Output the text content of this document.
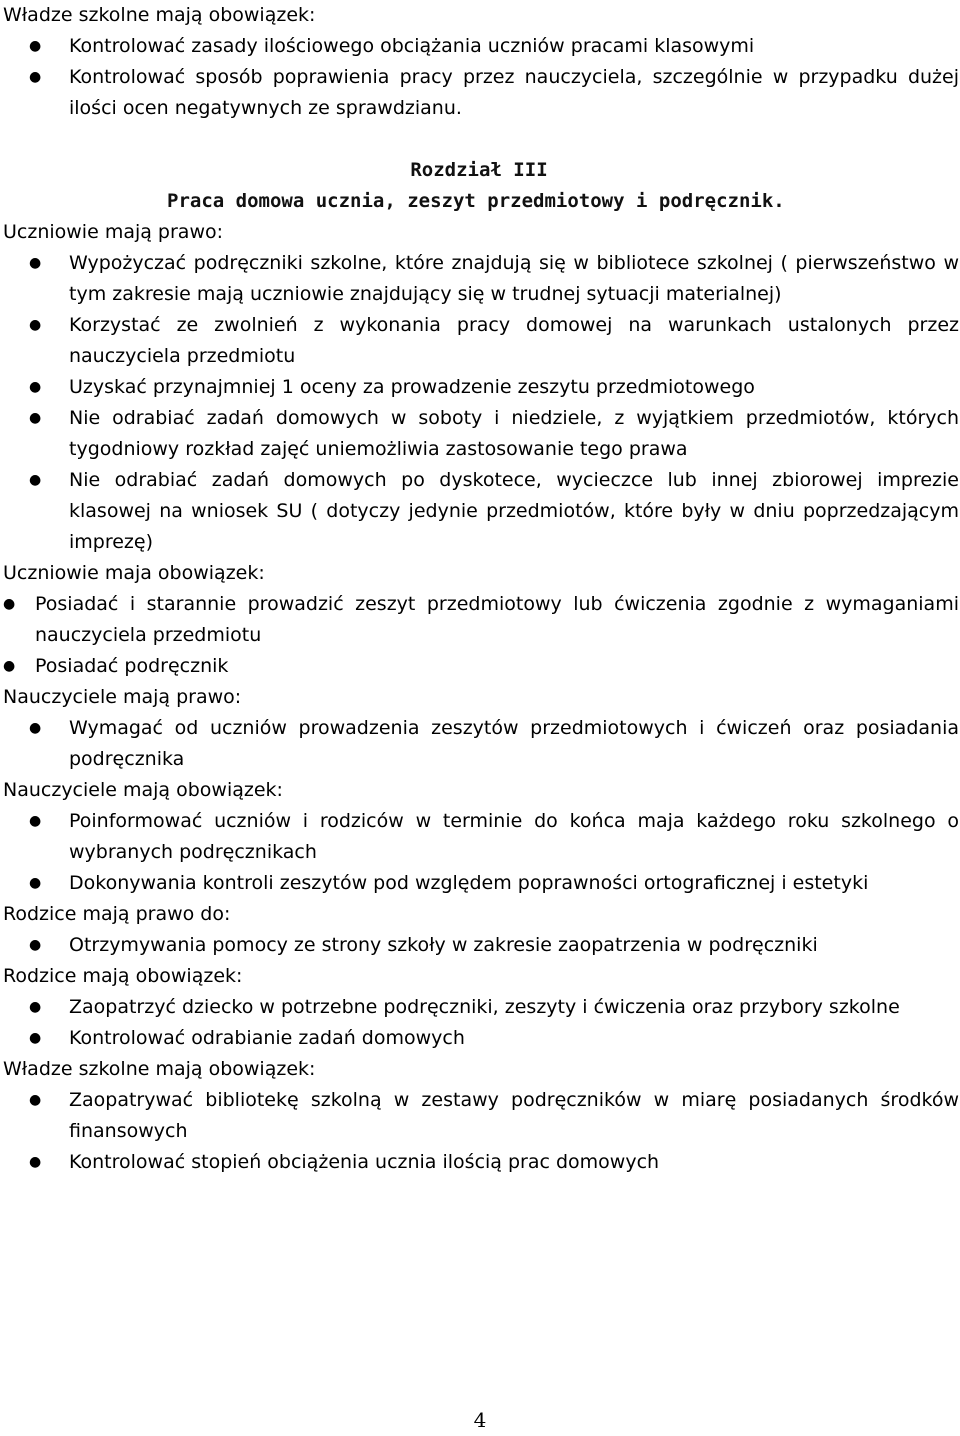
Władze szkolne mają obowiązek:
● Kontrolować zasady ilościowego obciążania uczniów pracami klasowymi
● Kontrolować sposób poprawienia pracy przez nauczyciela, szczególnie w przypadku dużej ilości ocen negatywnych ze sprawdzianu.
Rozdział III
Praca domowa ucznia, zeszyt przedmiotowy i podręcznik.
Uczniowie mają prawo:
● Wypożyczać podręczniki szkolne, które znajdują się w bibliotece szkolnej ( pierwszeństwo w tym zakresie mają uczniowie znajdujący się w trudnej sytuacji materialnej)
● Korzystać ze zwolnień z wykonania pracy domowej na warunkach ustalonych przez nauczyciela przedmiotu
● Uzyskać przynajmniej 1 oceny za prowadzenie zeszytu przedmiotowego
● Nie odrabiać zadań domowych w soboty i niedziele, z wyjątkiem przedmiotów, których tygodniowy rozkład zajęć uniemożliwia zastosowanie tego prawa
● Nie odrabiać zadań domowych po dyskotece, wycieczce lub innej zbiorowej imprezie klasowej na wniosek SU ( dotyczy jedynie przedmiotów, które były w dniu poprzedzającym imprezę)
Uczniowie maja obowiązek:
● Posiadać i starannie prowadzić zeszyt przedmiotowy lub ćwiczenia zgodnie z wymaganiami nauczyciela przedmiotu
● Posiadać podręcznik
Nauczyciele mają prawo:
● Wymagać od uczniów prowadzenia zeszytów przedmiotowych i ćwiczeń oraz posiadania podręcznika
Nauczyciele mają obowiązek:
● Poinformować uczniów i rodziców w terminie do końca maja każdego roku szkolnego o wybranych podręcznikach
● Dokonywania kontroli zeszytów pod względem poprawności ortograficznej i estetyki
Rodzice mają prawo do:
● Otrzymywania pomocy ze strony szkoły w zakresie zaopatrzenia w podręczniki
Rodzice mają obowiązek:
● Zaopatrzyć dziecko w potrzebne podręczniki, zeszyty i ćwiczenia oraz przybory szkolne
● Kontrolować odrabianie zadań domowych
Władze szkolne mają obowiązek:
● Zaopatrywać bibliotekę szkolną w zestawy podręczników w miarę posiadanych środków finansowych
● Kontrolować stopień obciążenia ucznia ilością prac domowych
4
